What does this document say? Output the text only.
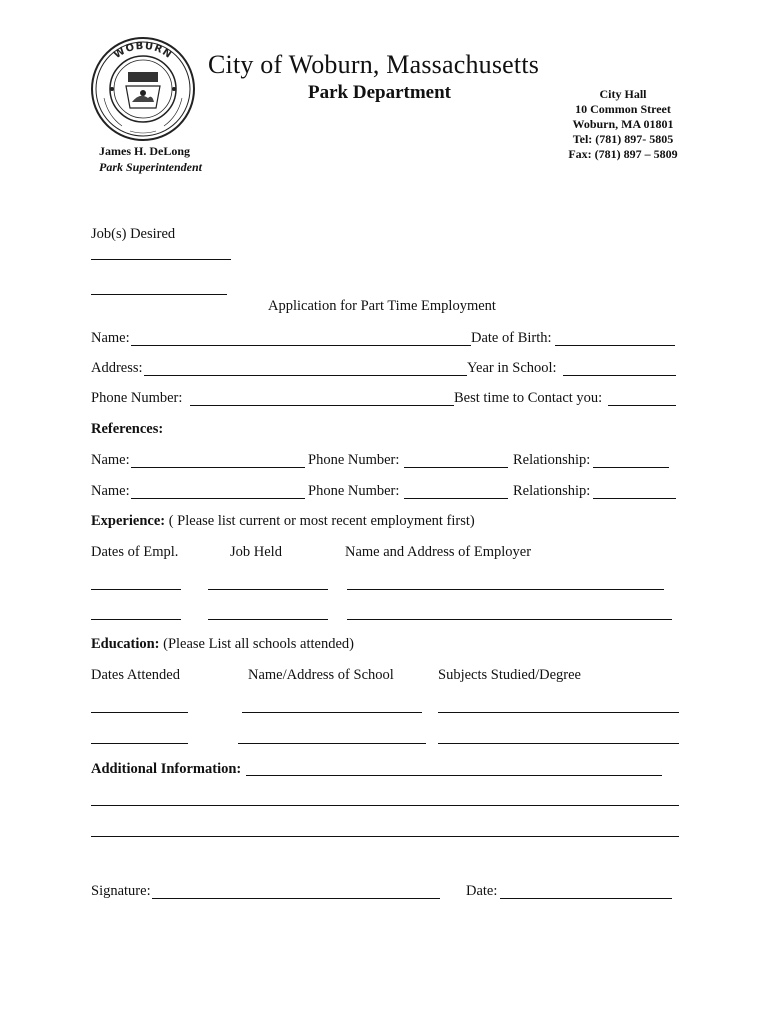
WOBURN City of Woburn, Massachusetts
Park Department	City Hall
10 Common Street
Woburn, MA 01801
Tel: (781) 897- 5805
Fax: (781) 897 – 5809
James H. DeLong
Park Superintendent
Job(s) Desired
Application for Part Time Employment
Name:	Date of Birth:
Address:	Year in School:
Phone Number:	Best time to Contact you:
References:
Name:	Phone Number:	Relationship:
Name:	Phone Number:	Relationship:
Experience: ( Please list current or most recent employment first)
Dates of Empl.	Job Held	Name and Address of Employer
Education: (Please List all schools attended)
Dates Attended	Name/Address of School	Subjects Studied/Degree
Additional Information:
Signature:	Date:
